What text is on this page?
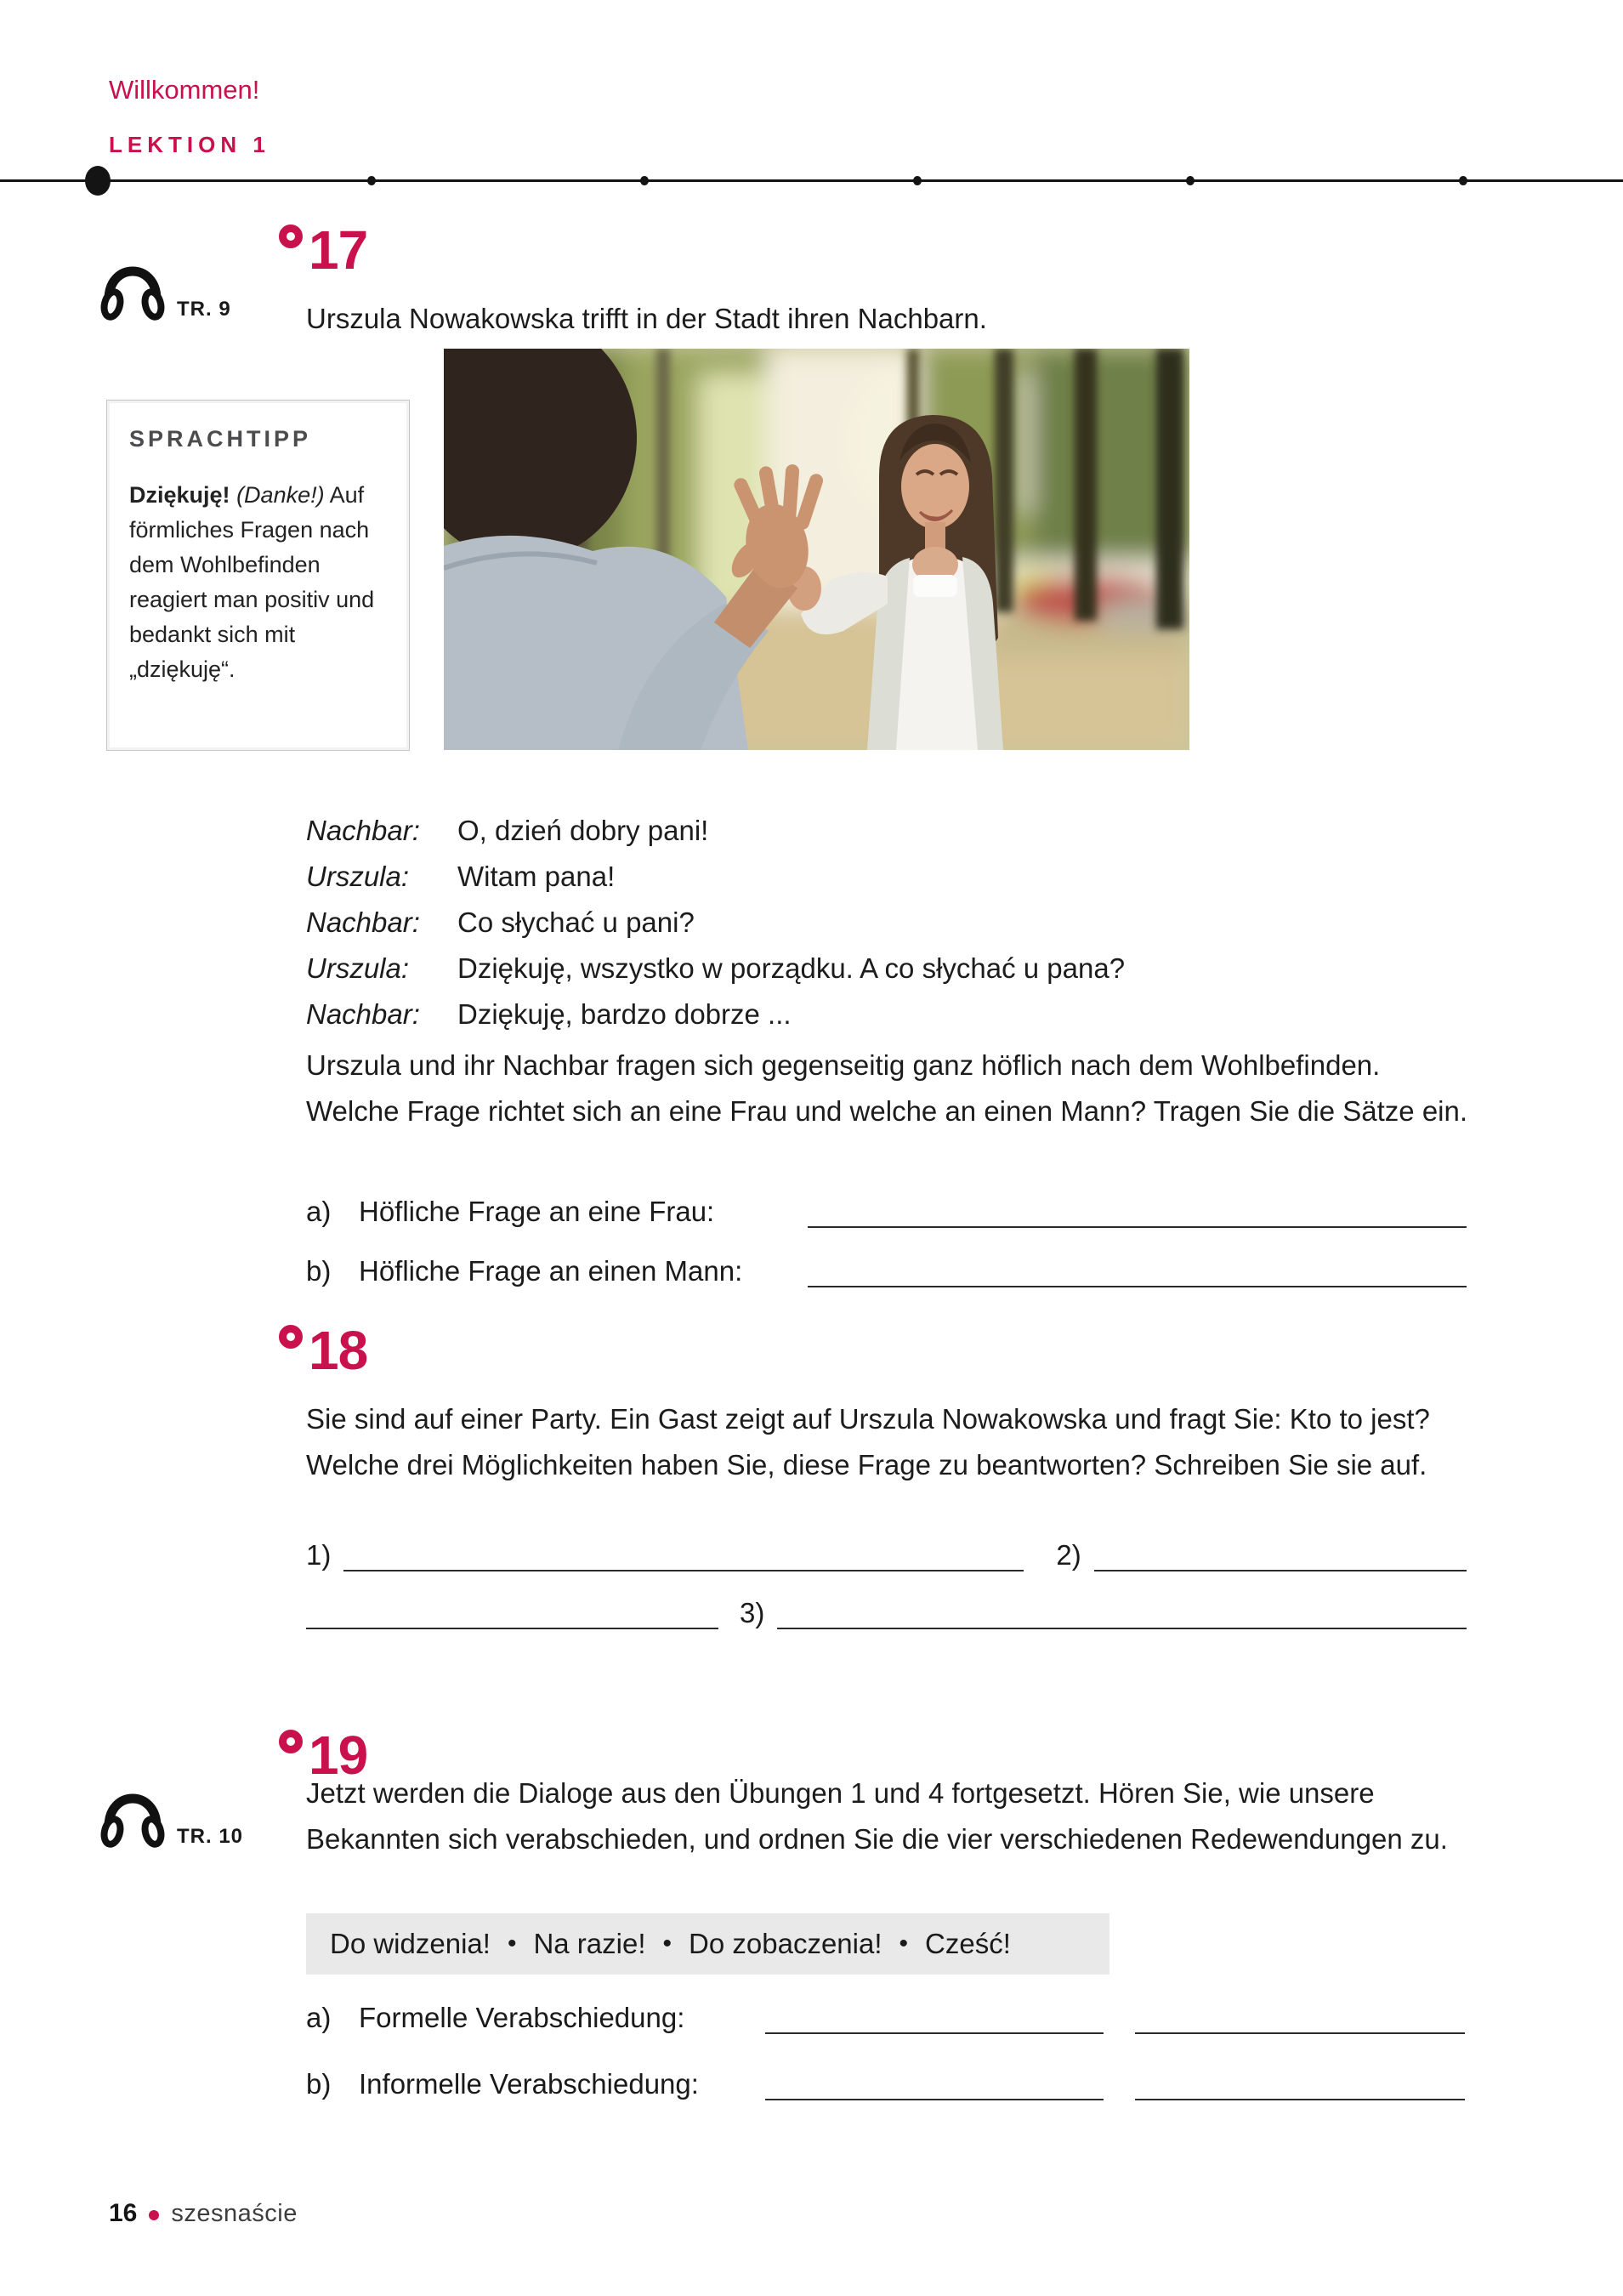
Willkommen!
LEKTION 1
17
TR. 9	Urszula Nowakowska trifft in der Stadt ihren Nachbarn.
SPRACHTIPP
Dziękuję! (Danke!) Auf förmliches Fragen nach dem Wohlbefinden reagiert man positiv und bedankt sich mit „dziękuję“.
Nachbar:	O, dzień dobry pani!
Urszula:	Witam pana!
Nachbar:	Co słychać u pani?
Urszula:	Dziękuję, wszystko w porządku. A co słychać u pana?
Nachbar:	Dziękuję, bardzo dobrze ...
Urszula und ihr Nachbar fragen sich gegenseitig ganz höflich nach dem Wohlbefinden. Welche Frage richtet sich an eine Frau und welche an einen Mann? Tragen Sie die Sätze ein.
a) Höfliche Frage an eine Frau:
b) Höfliche Frage an einen Mann:
18
Sie sind auf einer Party. Ein Gast zeigt auf Urszula Nowakowska und fragt Sie: Kto to jest? Welche drei Möglichkeiten haben Sie, diese Frage zu beantworten? Schreiben Sie sie auf.
1)	2)
3)
19
TR. 10
Jetzt werden die Dialoge aus den Übungen 1 und 4 fortgesetzt. Hören Sie, wie unsere Bekannten sich verabschieden, und ordnen Sie die vier verschiedenen Redewendungen zu.
Do widzenia! • Na razie! • Do zobaczenia! • Cześć!
a) Formelle Verabschiedung:
b) Informelle Verabschiedung:
16 szesnaście
